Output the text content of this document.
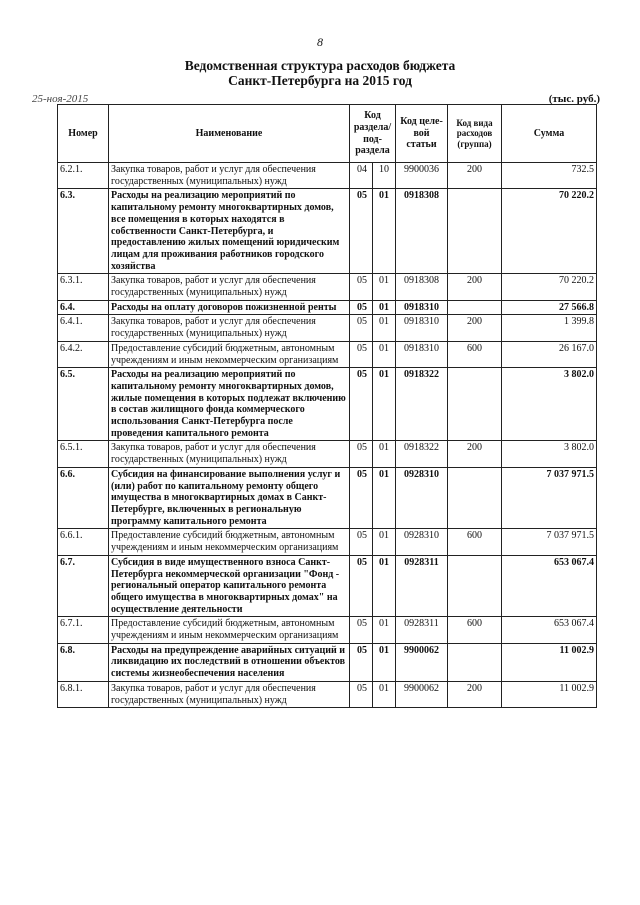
8
Ведомственная структура расходов бюджета
Санкт-Петербурга на 2015 год
25-ноя-2015	(тыс. руб.)
Номер	Наименование	Код раздела/ под- раздела		Код целе- вой статьи	Код вида расходов (группа)	Сумма
6.2.1.	Закупка товаров, работ и услуг для обеспечения государственных (муниципальных) нужд	04	10	9900036	200	732.5
6.3.	Расходы на реализацию мероприятий по капитальному ремонту многоквартирных домов, все помещения в которых находятся в собственности Санкт-Петербурга, и предоставлению жилых помещений юридическим лицам для проживания работников городского хозяйства	05	01	0918308		70 220.2
6.3.1.	Закупка товаров, работ и услуг для обеспечения государственных (муниципальных) нужд	05	01	0918308	200	70 220.2
6.4.	Расходы на оплату договоров пожизненной ренты	05	01	0918310		27 566.8
6.4.1.	Закупка товаров, работ и услуг для обеспечения государственных (муниципальных) нужд	05	01	0918310	200	1 399.8
6.4.2.	Предоставление субсидий бюджетным, автономным учреждениям и иным некоммерческим организациям	05	01	0918310	600	26 167.0
6.5.	Расходы на реализацию мероприятий по капитальному ремонту многоквартирных домов, жилые помещения в которых подлежат включению в состав жилищного фонда коммерческого использования Санкт-Петербурга после проведения капитального ремонта	05	01	0918322		3 802.0
6.5.1.	Закупка товаров, работ и услуг для обеспечения государственных (муниципальных) нужд	05	01	0918322	200	3 802.0
6.6.	Субсидия на финансирование выполнения услуг и (или) работ по капитальному ремонту общего имущества в многоквартирных домах в Санкт-Петербурге, включенных в региональную программу капитального ремонта	05	01	0928310		7 037 971.5
6.6.1.	Предоставление субсидий бюджетным, автономным учреждениям и иным некоммерческим организациям	05	01	0928310	600	7 037 971.5
6.7.	Субсидия в виде имущественного взноса Санкт-Петербурга некоммерческой организации "Фонд - региональный оператор капитального ремонта общего имущества в многоквартирных домах" на осуществление деятельности	05	01	0928311		653 067.4
6.7.1.	Предоставление субсидий бюджетным, автономным учреждениям и иным некоммерческим организациям	05	01	0928311	600	653 067.4
6.8.	Расходы на предупреждение аварийных ситуаций и ликвидацию их последствий в отношении объектов системы жизнеобеспечения населения	05	01	9900062		11 002.9
6.8.1.	Закупка товаров, работ и услуг для обеспечения государственных (муниципальных) нужд	05	01	9900062	200	11 002.9
